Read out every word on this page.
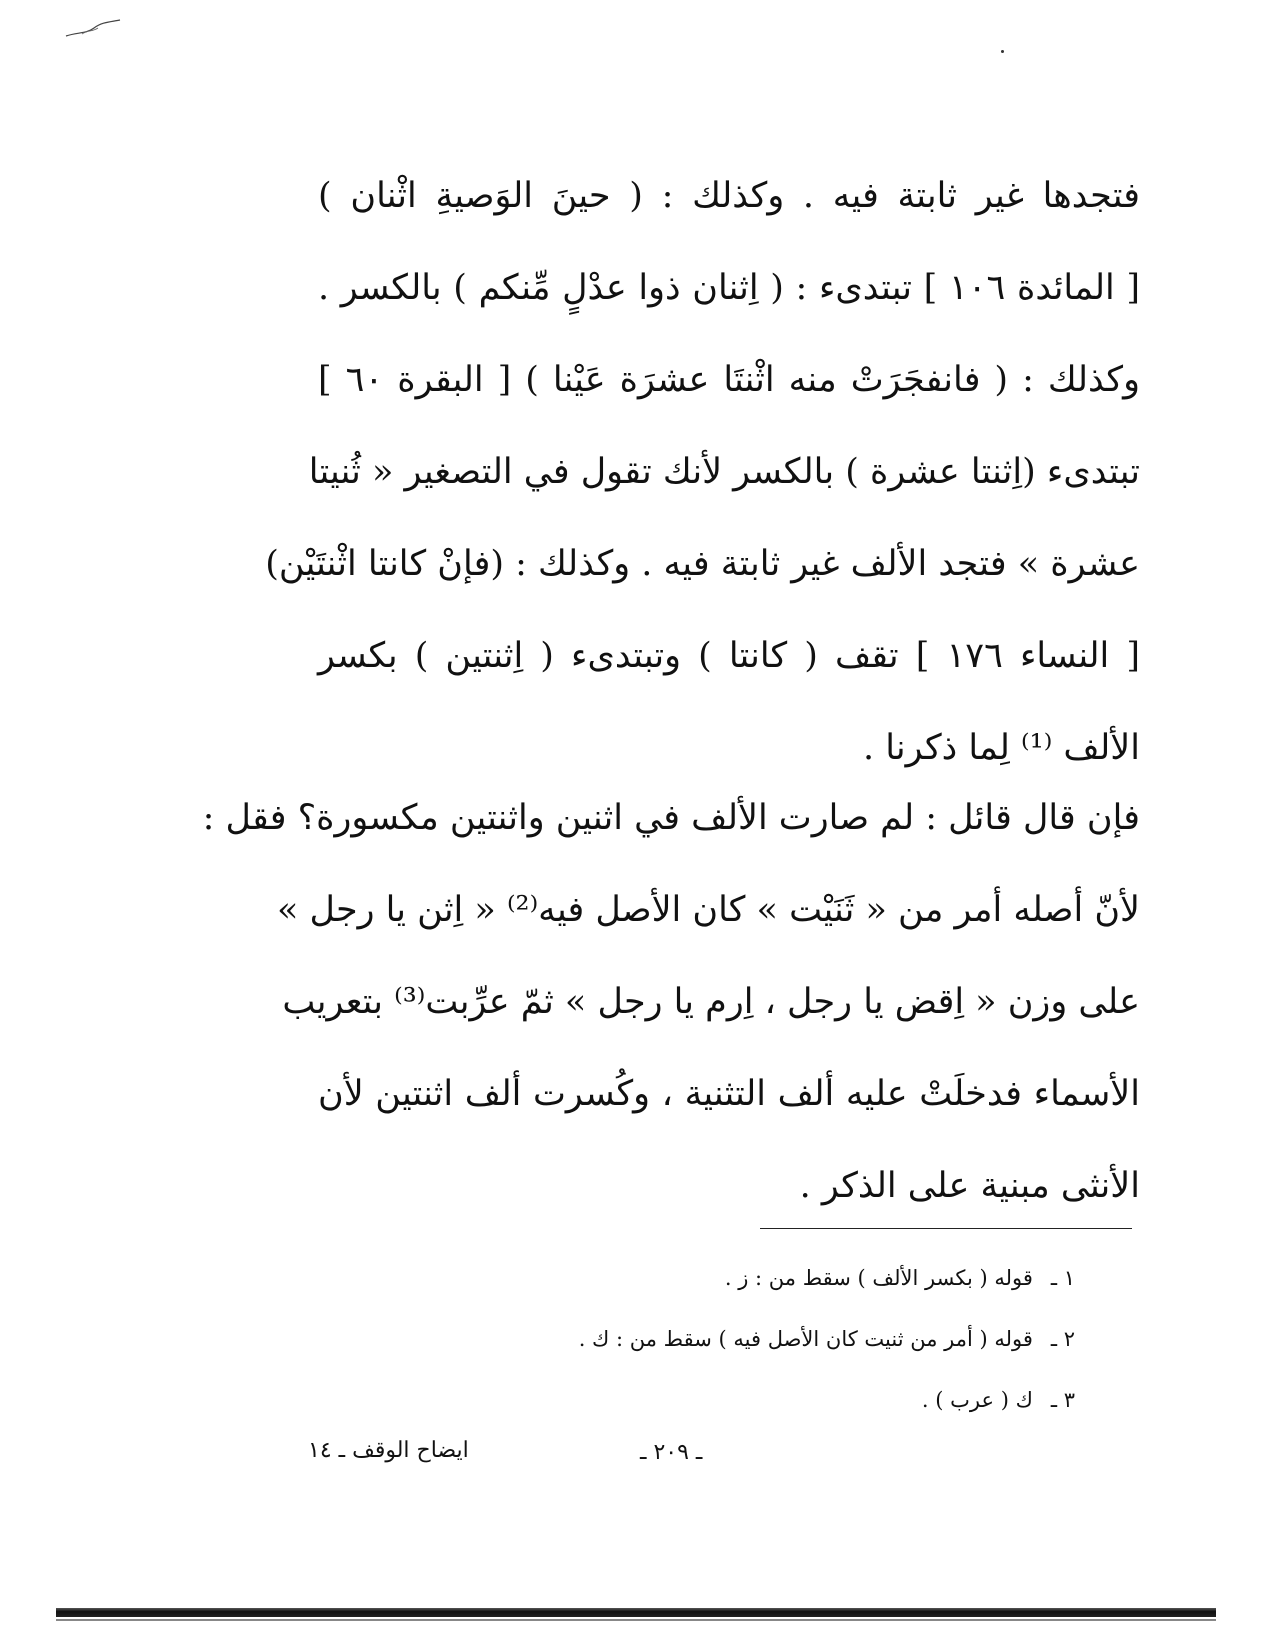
فتجدها غير ثابتة فيه . وكذلك : ( حينَ الوَصيةِ اثْنان )
[ المائدة ١٠٦ ] تبتدىء : ( اِثنان ذوا عدْلٍ مِّنكم ) بالكسر .
وكذلك : ( فانفجَرَتْ منه اثْنتَا عشرَة عَيْنا ) [ البقرة ٦٠ ]
تبتدىء (اِثنتا عشرة ) بالكسر لأنك تقول في التصغير « ثُنيتا
عشرة » فتجد الألف غير ثابتة فيه . وكذلك : (فإنْ كانتا اثْنتَيْن)
[ النساء ١٧٦ ] تقف ( كانتا ) وتبتدىء ( اِثنتين ) بكسر
الألف ⁽¹⁾ لِما ذكرنا .
فإن قال قائل : لم صارت الألف في اثنين واثنتين مكسورة؟ فقل :
لأنّ أصله أمر من « ثَنَيْت » كان الأصل فيه⁽²⁾ « اِثن يا رجل »
على وزن « اِقض يا رجل ، اِرم يا رجل » ثمّ عرِّبت⁽³⁾ بتعريب
الأسماء فدخلَتْ عليه ألف التثنية ، وكُسرت ألف اثنتين لأن
الأنثى مبنية على الذكر .
١ ـقوله ( بكسر الألف ) سقط من : ز .
٢ ـقوله ( أمر من ثنيت كان الأصل فيه ) سقط من : ك .
٣ ـك ( عرب ) .
ـ ٢٠٩ ـ
ايضاح الوقف ـ ١٤
